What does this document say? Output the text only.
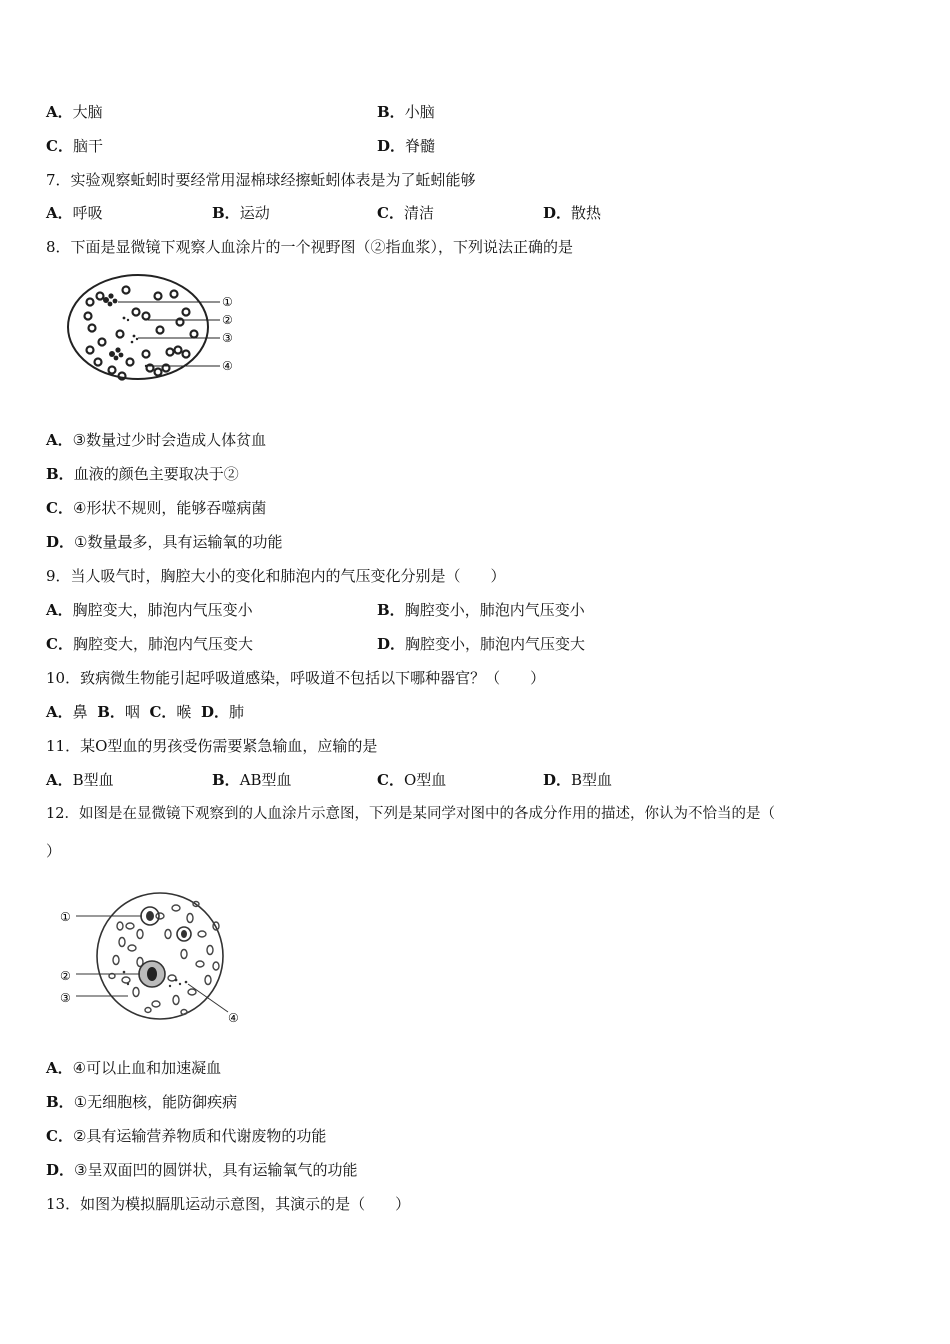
A．大脑	B．小脑
C．脑干	D．脊髓
7．实验观察蚯蚓时要经常用湿棉球经擦蚯蚓体表是为了蚯蚓能够
A．呼吸	B．运动	C．清洁	D．散热
8．下面是显微镜下观察人血涂片的一个视野图（②指血浆），下列说法正确的是
①
②
③
④
A．③数量过少时会造成人体贫血
B．血液的颜色主要取决于②
C．④形状不规则，能够吞噬病菌
D．①数量最多，具有运输氧的功能
9．当人吸气时，胸腔大小的变化和肺泡内的气压变化分别是（　　）
A．胸腔变大，肺泡内气压变小	B．胸腔变小，肺泡内气压变小
C．胸腔变大，肺泡内气压变大	D．胸腔变小，肺泡内气压变大
10．致病微生物能引起呼吸道感染，呼吸道不包括以下哪种器官？（　　）
A．鼻 B．咽 C．喉 D．肺
11．某O型血的男孩受伤需要紧急输血，应输的是
A．B型血	B．AB型血	C．O型血	D．B型血
12．如图是在显微镜下观察到的人血涂片示意图，下列是某同学对图中的各成分作用的描述，你认为不恰当的是（
）
①
②
③
④
A．④可以止血和加速凝血
B．①无细胞核，能防御疾病
C．②具有运输营养物质和代谢废物的功能
D．③呈双面凹的圆饼状，具有运输氧气的功能
13．如图为模拟膈肌运动示意图，其演示的是（　　）
